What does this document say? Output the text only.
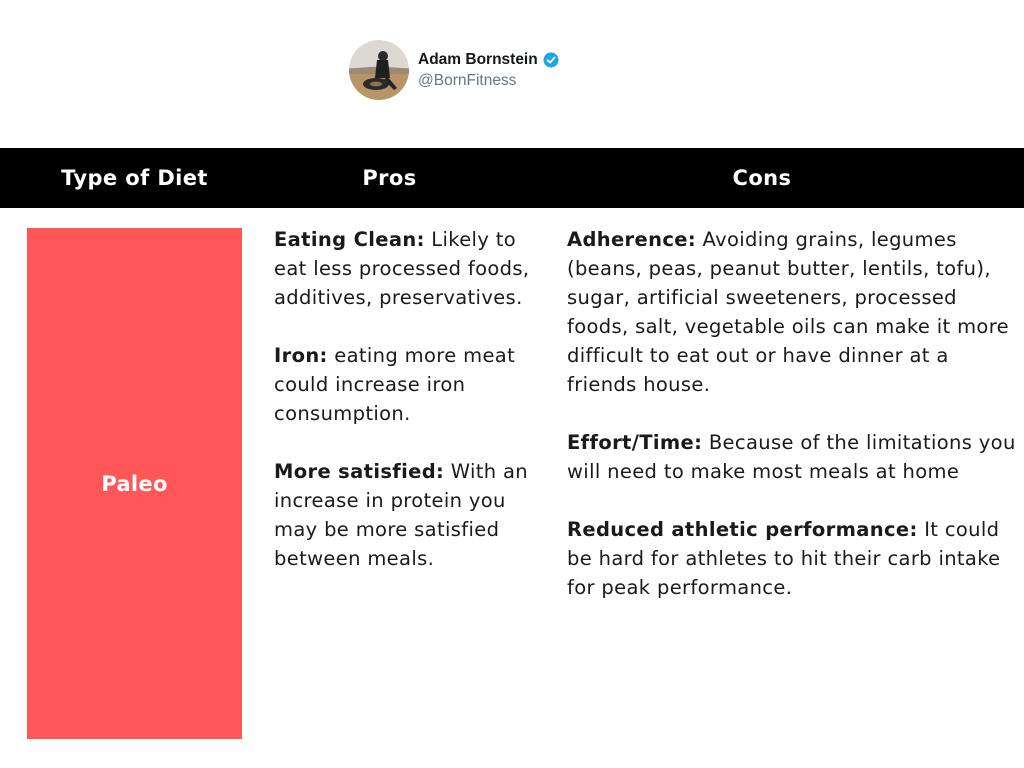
Adam Bornstein
@BornFitness
Type of Diet	Pros	Cons
Paleo

Eating Clean: Likely to eat less processed foods, additives, preservatives.

Iron: eating more meat could increase iron consumption.

More satisfied: With an increase in protein you may be more satisfied between meals.

Adherence: Avoiding grains, legumes (beans, peas, peanut butter, lentils, tofu), sugar, artificial sweeteners, processed foods, salt, vegetable oils can make it more difficult to eat out or have dinner at a friends house.

Effort/Time: Because of the limitations you will need to make most meals at home

Reduced athletic performance: It could be hard for athletes to hit their carb intake for peak performance.
